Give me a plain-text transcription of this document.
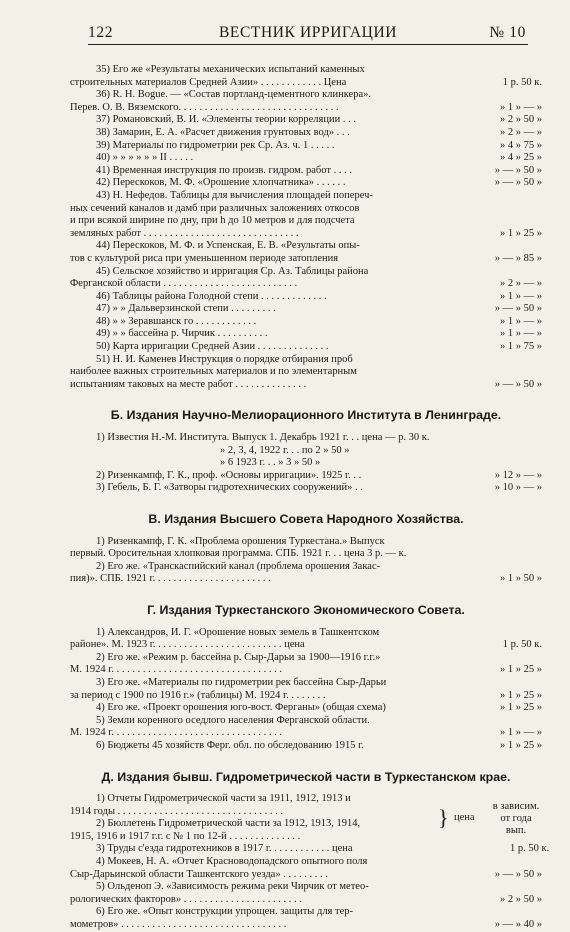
122	ВЕСТНИК ИРРИГАЦИИ	№ 10
35) Его же «Результаты механических испытаний каменных
строительных материалов Средней Азии» . . . . . . . . . . . . Цена	1 р. 50 к.
36) R. H. Bogue. — «Состав портланд-цементного клинкера».
Перев. О. В. Вяземского. . . . . . . . . . . . . . . . . . . . . . . . . . . . . . .	» 1 » — »
37) Романовский, В. И. «Элементы теории корреляции . . .	» 2 » 50 »
38) Замарин, Е. А. «Расчет движения грунтовых вод» . . .	» 2 » — »
39) Материалы по гидрометрии рек Ср. Аз. ч. 1 . . . . .	» 4 » 75 »
40) » » » » » » II . . . . .	» 4 » 25 »
41) Временная инструкция по произв. гидром. работ . . . .	» — » 50 »
42) Перескоков, М. Ф. «Орошение хлопчатника» . . . . . .	» — » 50 »
43) Н. Нефедов. Таблицы для вычисления площадей попереч-
ных сечений каналов и дамб при различных заложениях откосов
и при всякой ширине по дну, при h до 10 метров и для подсчета
земляных работ . . . . . . . . . . . . . . . . . . . . . . . . . . . . . .	» 1 » 25 »
44) Перескоков, М. Ф. и Успенская, Е. В. «Результаты опы-
тов с культурой риса при уменьшенном периоде затопления	» — » 85 »
45) Сельское хозяйство и ирригация Ср. Аз. Таблицы района
Ферганской области . . . . . . . . . . . . . . . . . . . . . . . . . .	» 2 » — »
46) Таблицы района Голодной степи . . . . . . . . . . . . .	» 1 » — »
47) » » Дальверзинской степи . . . . . . . . .	» — » 50 »
48) » » Зеравшанск го . . . . . . . . . . . .	» 1 » — »
49) » » бассейна р. Чирчик . . . . . . . . . .	» 1 » — »
50) Карта ирригации Средней Азии . . . . . . . . . . . . . .	» 1 » 75 »
51) Н. И. Каменев Инструкция о порядке отбирания проб
наиболее важных строительных материалов и по элементарным
испытаниям таковых на месте работ . . . . . . . . . . . . . .	» — » 50 »
Б. Издания Научно-Мелиорационного Института в Ленинграде.
1) Известия Н.-М. Института. Выпуск 1. Декабрь 1921 г. . . цена — р. 30 к.
» 2, 3, 4, 1922 г. . . по 2 » 50 »
» 6 1923 г. . . » 3 » 50 »
2) Ризенкампф, Г. К., проф. «Основы ирригации». 1925 г. . .	» 12 » — »
3) Гебель, Б. Г. «Затворы гидротехнических сооружений» . .	» 10 » — »
В. Издания Высшего Совета Народного Хозяйства.
1) Ризенкампф, Г. К. «Проблема орошения Туркестана.» Выпуск
первый. Оросительная хлопковая программа. СПБ. 1921 г. . . цена 3 р. — к.
2) Его же. «Транскаспийский канал (проблема орошения Закас-
пия)». СПБ. 1921 г. . . . . . . . . . . . . . . . . . . . . . .	» 1 » 50 »
Г. Издания Туркестанского Экономического Совета.
1) Александров, И. Г. «Орошение новых земель в Ташкентском
районе». М. 1923 г. . . . . . . . . . . . . . . . . . . . . . . . . цена	1 р. 50 к.
2) Его же. «Режим р. бассейна р. Сыр-Дарьи за 1900—1916 г.г.»
М. 1924 г. . . . . . . . . . . . . . . . . . . . . . . . . . . . . . . . .	» 1 » 25 »
3) Его же. «Материалы по гидрометрии рек бассейна Сыр-Дарьи
за период с 1900 по 1916 г.» (таблицы) М. 1924 г. . . . . . . .	» 1 » 25 »
4) Его же. «Проект орошения юго-вост. Ферганы» (общая схема)	» 1 » 25 »
5) Земли коренного оседлого населения Ферганской области.
М. 1924 г. . . . . . . . . . . . . . . . . . . . . . . . . . . . . . . . .	» 1 » — »
6) Бюджеты 45 хозяйств Ферг. обл. по обследованию 1915 г.	» 1 » 25 »
Д. Издания бывш. Гидрометрической части в Туркестанском крае.
1) Отчеты Гидрометрической части за 1911, 1912, 1913 и
1914 годы . . . . . . . . . . . . . . . . . . . . . . . . . . . . . . . .
2) Бюллетень Гидрометрической части за 1912, 1913, 1914,
1915, 1916 и 1917 г.г. с № 1 по 12-й . . . . . . . . . . . . . .
} цена
в зависим. от года вып.
3) Труды с'езда гидротехников в 1917 г. . . . . . . . . . . . цена	1 р. 50 к.
4) Мокеев, Н. А. «Отчет Красноводопадского опытного поля
Сыр-Дарьинской области Ташкентского уезда» . . . . . . . . .	» — » 50 »
5) Ольденоп Э. «Зависимость режима реки Чирчик от метео-
рологических факторов» . . . . . . . . . . . . . . . . . . . . . . .	» 2 » 50 »
6) Его же. «Опыт конструкции упрощен. защиты для тер-
мометров» . . . . . . . . . . . . . . . . . . . . . . . . . . . . . . . .	» — » 40 »
